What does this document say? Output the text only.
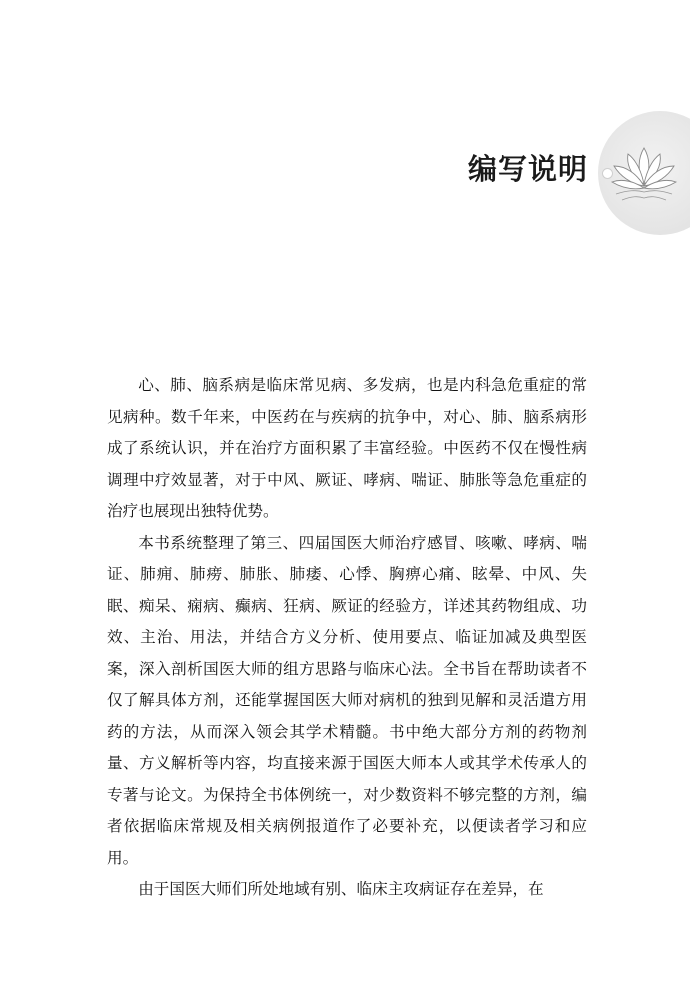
编写说明

心、肺、脑系病是临床常见病、多发病，也是内科急危重症的常见病种。数千年来，中医药在与疾病的抗争中，对心、肺、脑系病形成了系统认识，并在治疗方面积累了丰富经验。中医药不仅在慢性病调理中疗效显著，对于中风、厥证、哮病、喘证、肺胀等急危重症的治疗也展现出独特优势。

本书系统整理了第三、四届国医大师治疗感冒、咳嗽、哮病、喘证、肺痈、肺痨、肺胀、肺痿、心悸、胸痹心痛、眩晕、中风、失眠、痴呆、痫病、癫病、狂病、厥证的经验方，详述其药物组成、功效、主治、用法，并结合方义分析、使用要点、临证加减及典型医案，深入剖析国医大师的组方思路与临床心法。全书旨在帮助读者不仅了解具体方剂，还能掌握国医大师对病机的独到见解和灵活遣方用药的方法，从而深入领会其学术精髓。书中绝大部分方剂的药物剂量、方义解析等内容，均直接来源于国医大师本人或其学术传承人的专著与论文。为保持全书体例统一，对少数资料不够完整的方剂，编者依据临床常规及相关病例报道作了必要补充，以便读者学习和应用。

由于国医大师们所处地域有别、临床主攻病证存在差异，在
